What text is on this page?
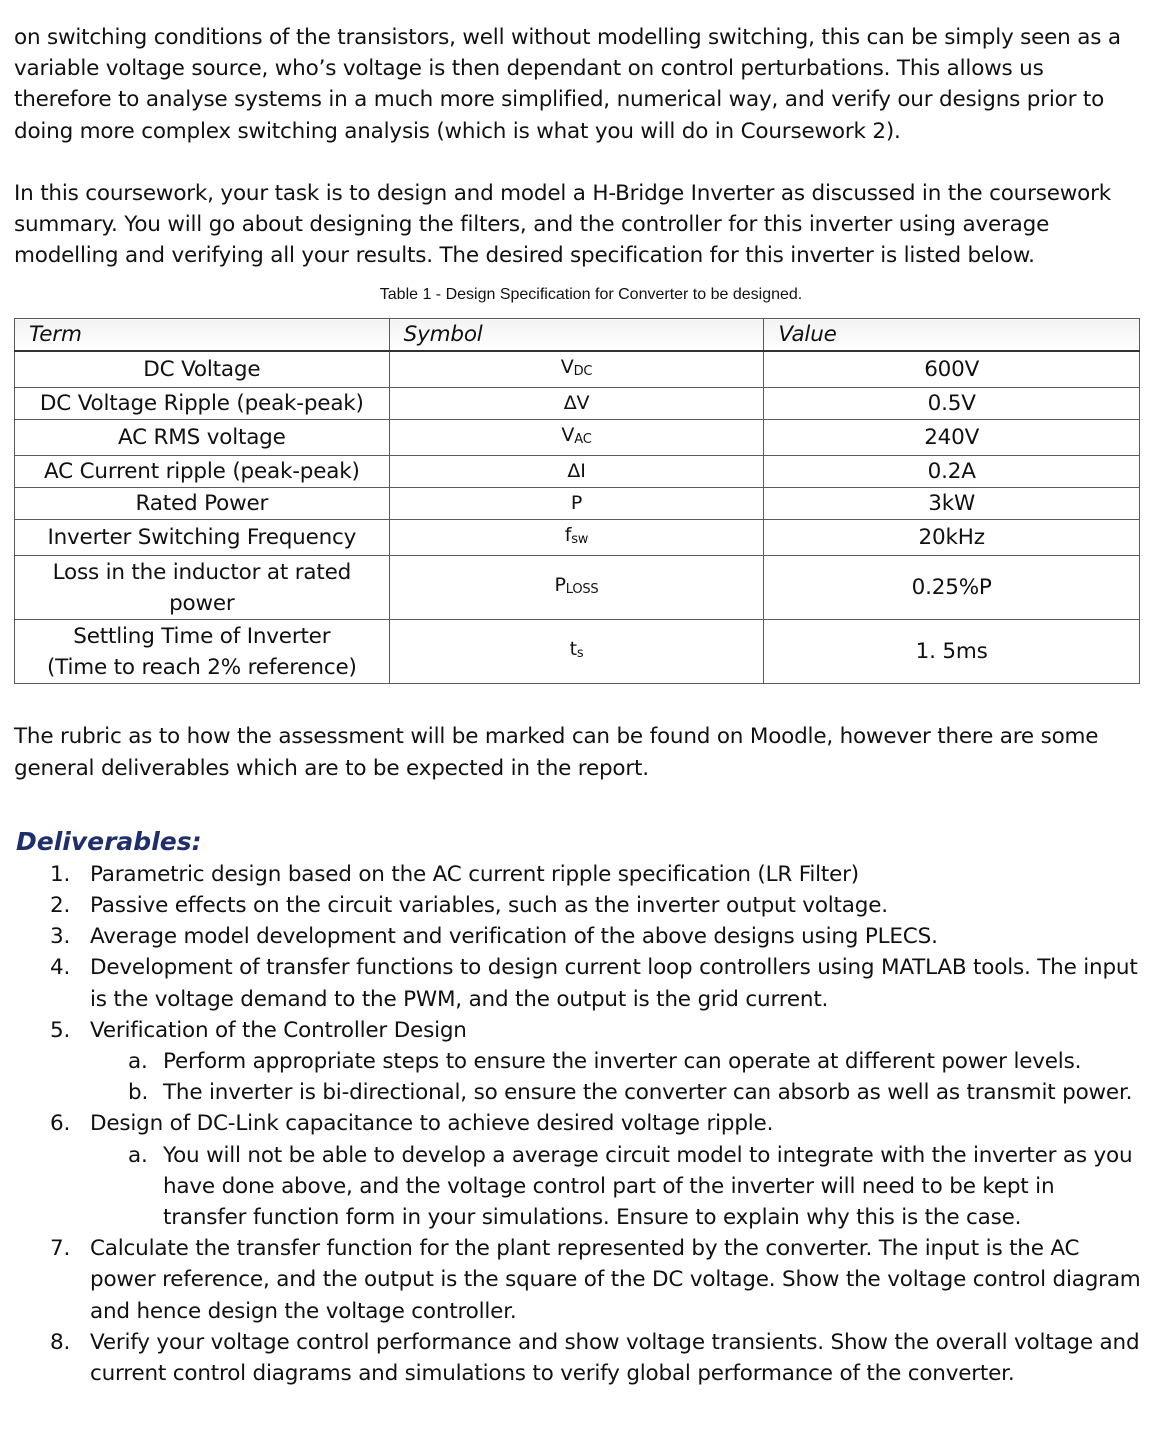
on switching conditions of the transistors, well without modelling switching, this can be simply seen as a variable voltage source, who’s voltage is then dependant on control perturbations. This allows us therefore to analyse systems in a much more simplified, numerical way, and verify our designs prior to doing more complex switching analysis (which is what you will do in Coursework 2).

In this coursework, your task is to design and model a H-Bridge Inverter as discussed in the coursework summary. You will go about designing the filters, and the controller for this inverter using average modelling and verifying all your results. The desired specification for this inverter is listed below.

Table 1 - Design Specification for Converter to be designed.
Term	Symbol	Value
DC Voltage	$V_{DC}$	600V
DC Voltage Ripple (peak-peak)	ΔV	0.5V
AC RMS voltage	$V_{AC}$	240V
AC Current ripple (peak-peak)	ΔI	0.2A
Rated Power	P	3kW
Inverter Switching Frequency	$f_{sw}$	20kHz
Loss in the inductor at rated
power	$P_{LOSS}$	0.25%P
Settling Time of Inverter
(Time to reach 2% reference)	$t_s$	1. 5ms

The rubric as to how the assessment will be marked can be found on Moodle, however there are some general deliverables which are to be expected in the report.

Deliverables:
1. Parametric design based on the AC current ripple specification (LR Filter)
2. Passive effects on the circuit variables, such as the inverter output voltage.
3. Average model development and verification of the above designs using PLECS.
4. Development of transfer functions to design current loop controllers using MATLAB tools. The input is the voltage demand to the PWM, and the output is the grid current.
5. Verification of the Controller Design
a. Perform appropriate steps to ensure the inverter can operate at different power levels.
b. The inverter is bi-directional, so ensure the converter can absorb as well as transmit power.
6. Design of DC-Link capacitance to achieve desired voltage ripple.
a. You will not be able to develop a average circuit model to integrate with the inverter as you have done above, and the voltage control part of the inverter will need to be kept in transfer function form in your simulations. Ensure to explain why this is the case.
7. Calculate the transfer function for the plant represented by the converter. The input is the AC power reference, and the output is the square of the DC voltage. Show the voltage control diagram and hence design the voltage controller.
8. Verify your voltage control performance and show voltage transients. Show the overall voltage and current control diagrams and simulations to verify global performance of the converter.
